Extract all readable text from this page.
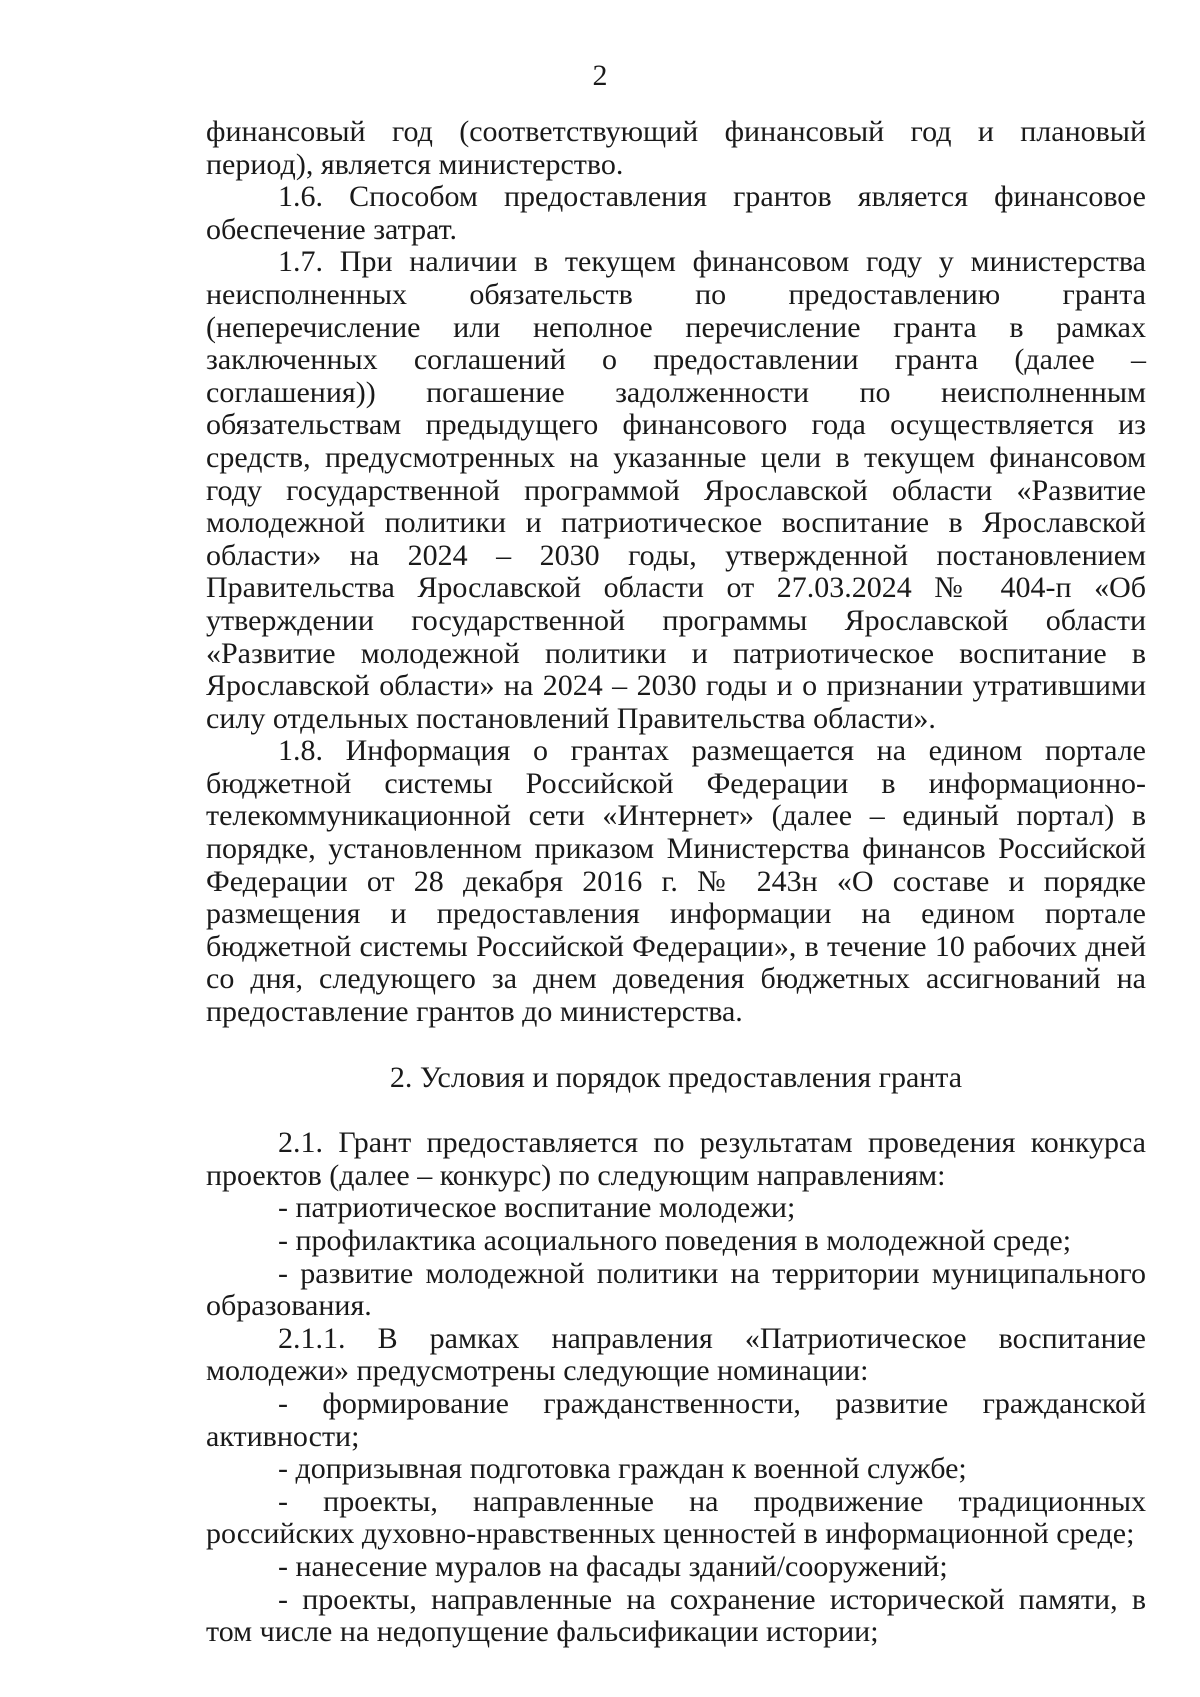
2

финансовый год (соответствующий финансовый год и плановый период), является министерство.

1.6. Способом предоставления грантов является финансовое обеспечение затрат.

1.7. При наличии в текущем финансовом году у министерства неисполненных обязательств по предоставлению гранта (неперечисление или неполное перечисление гранта в рамках заключенных соглашений о предоставлении гранта (далее – соглашения)) погашение задолженности по неисполненным обязательствам предыдущего финансового года осуществляется из средств, предусмотренных на указанные цели в текущем финансовом году государственной программой Ярославской области «Развитие молодежной политики и патриотическое воспитание в Ярославской области» на 2024 – 2030 годы, утвержденной постановлением Правительства Ярославской области от 27.03.2024 № 404-п «Об утверждении государственной программы Ярославской области «Развитие молодежной политики и патриотическое воспитание в Ярославской области» на 2024 – 2030 годы и о признании утратившими силу отдельных постановлений Правительства области».

1.8. Информация о грантах размещается на едином портале бюджетной системы Российской Федерации в информационно-телекоммуникационной сети «Интернет» (далее – единый портал) в порядке, установленном приказом Министерства финансов Российской Федерации от 28 декабря 2016 г. № 243н «О составе и порядке размещения и предоставления информации на едином портале бюджетной системы Российской Федерации», в течение 10 рабочих дней со дня, следующего за днем доведения бюджетных ассигнований на предоставление грантов до министерства.

2. Условия и порядок предоставления гранта

2.1. Грант предоставляется по результатам проведения конкурса проектов (далее – конкурс) по следующим направлениям:

- патриотическое воспитание молодежи;

- профилактика асоциального поведения в молодежной среде;

- развитие молодежной политики на территории муниципального образования.

2.1.1. В рамках направления «Патриотическое воспитание молодежи» предусмотрены следующие номинации:

- формирование гражданственности, развитие гражданской активности;

- допризывная подготовка граждан к военной службе;

- проекты, направленные на продвижение традиционных российских духовно-нравственных ценностей в информационной среде;

- нанесение муралов на фасады зданий/сооружений;

- проекты, направленные на сохранение исторической памяти, в том числе на недопущение фальсификации истории;
